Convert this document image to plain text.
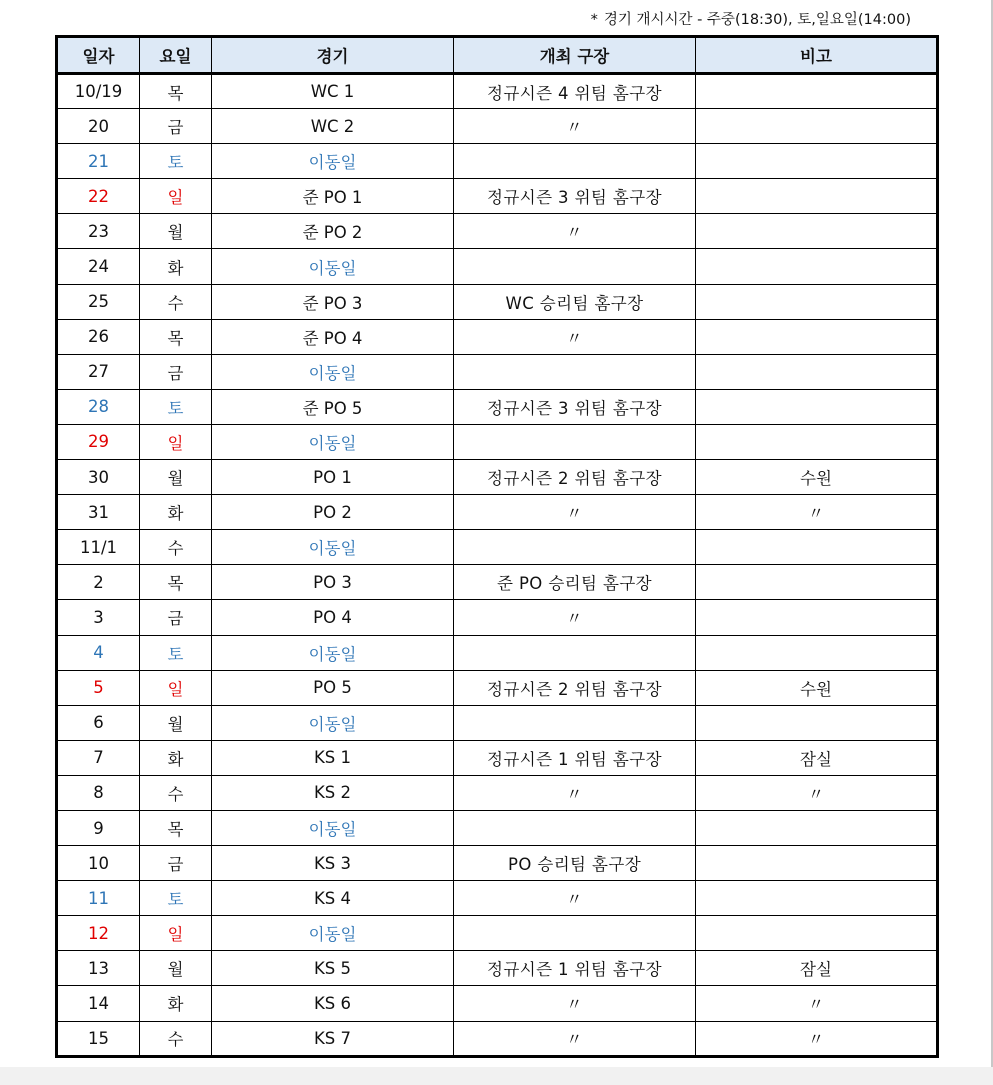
* 경기 개시시간 - 주중(18:30), 토,일요일(14:00)
일자	요일	경기	개최 구장	비고
10/19	목	WC 1	정규시즌 4 위팀 홈구장	
20	금	WC 2	〃	
21	토	이동일		
22	일	준 PO 1	정규시즌 3 위팀 홈구장	
23	월	준 PO 2	〃	
24	화	이동일		
25	수	준 PO 3	WC 승리팀 홈구장	
26	목	준 PO 4	〃	
27	금	이동일		
28	토	준 PO 5	정규시즌 3 위팀 홈구장	
29	일	이동일		
30	월	PO 1	정규시즌 2 위팀 홈구장	수원
31	화	PO 2	〃	〃
11/1	수	이동일		
2	목	PO 3	준 PO 승리팀 홈구장	
3	금	PO 4	〃	
4	토	이동일		
5	일	PO 5	정규시즌 2 위팀 홈구장	수원
6	월	이동일		
7	화	KS 1	정규시즌 1 위팀 홈구장	잠실
8	수	KS 2	〃	〃
9	목	이동일		
10	금	KS 3	PO 승리팀 홈구장	
11	토	KS 4	〃	
12	일	이동일		
13	월	KS 5	정규시즌 1 위팀 홈구장	잠실
14	화	KS 6	〃	〃
15	수	KS 7	〃	〃
